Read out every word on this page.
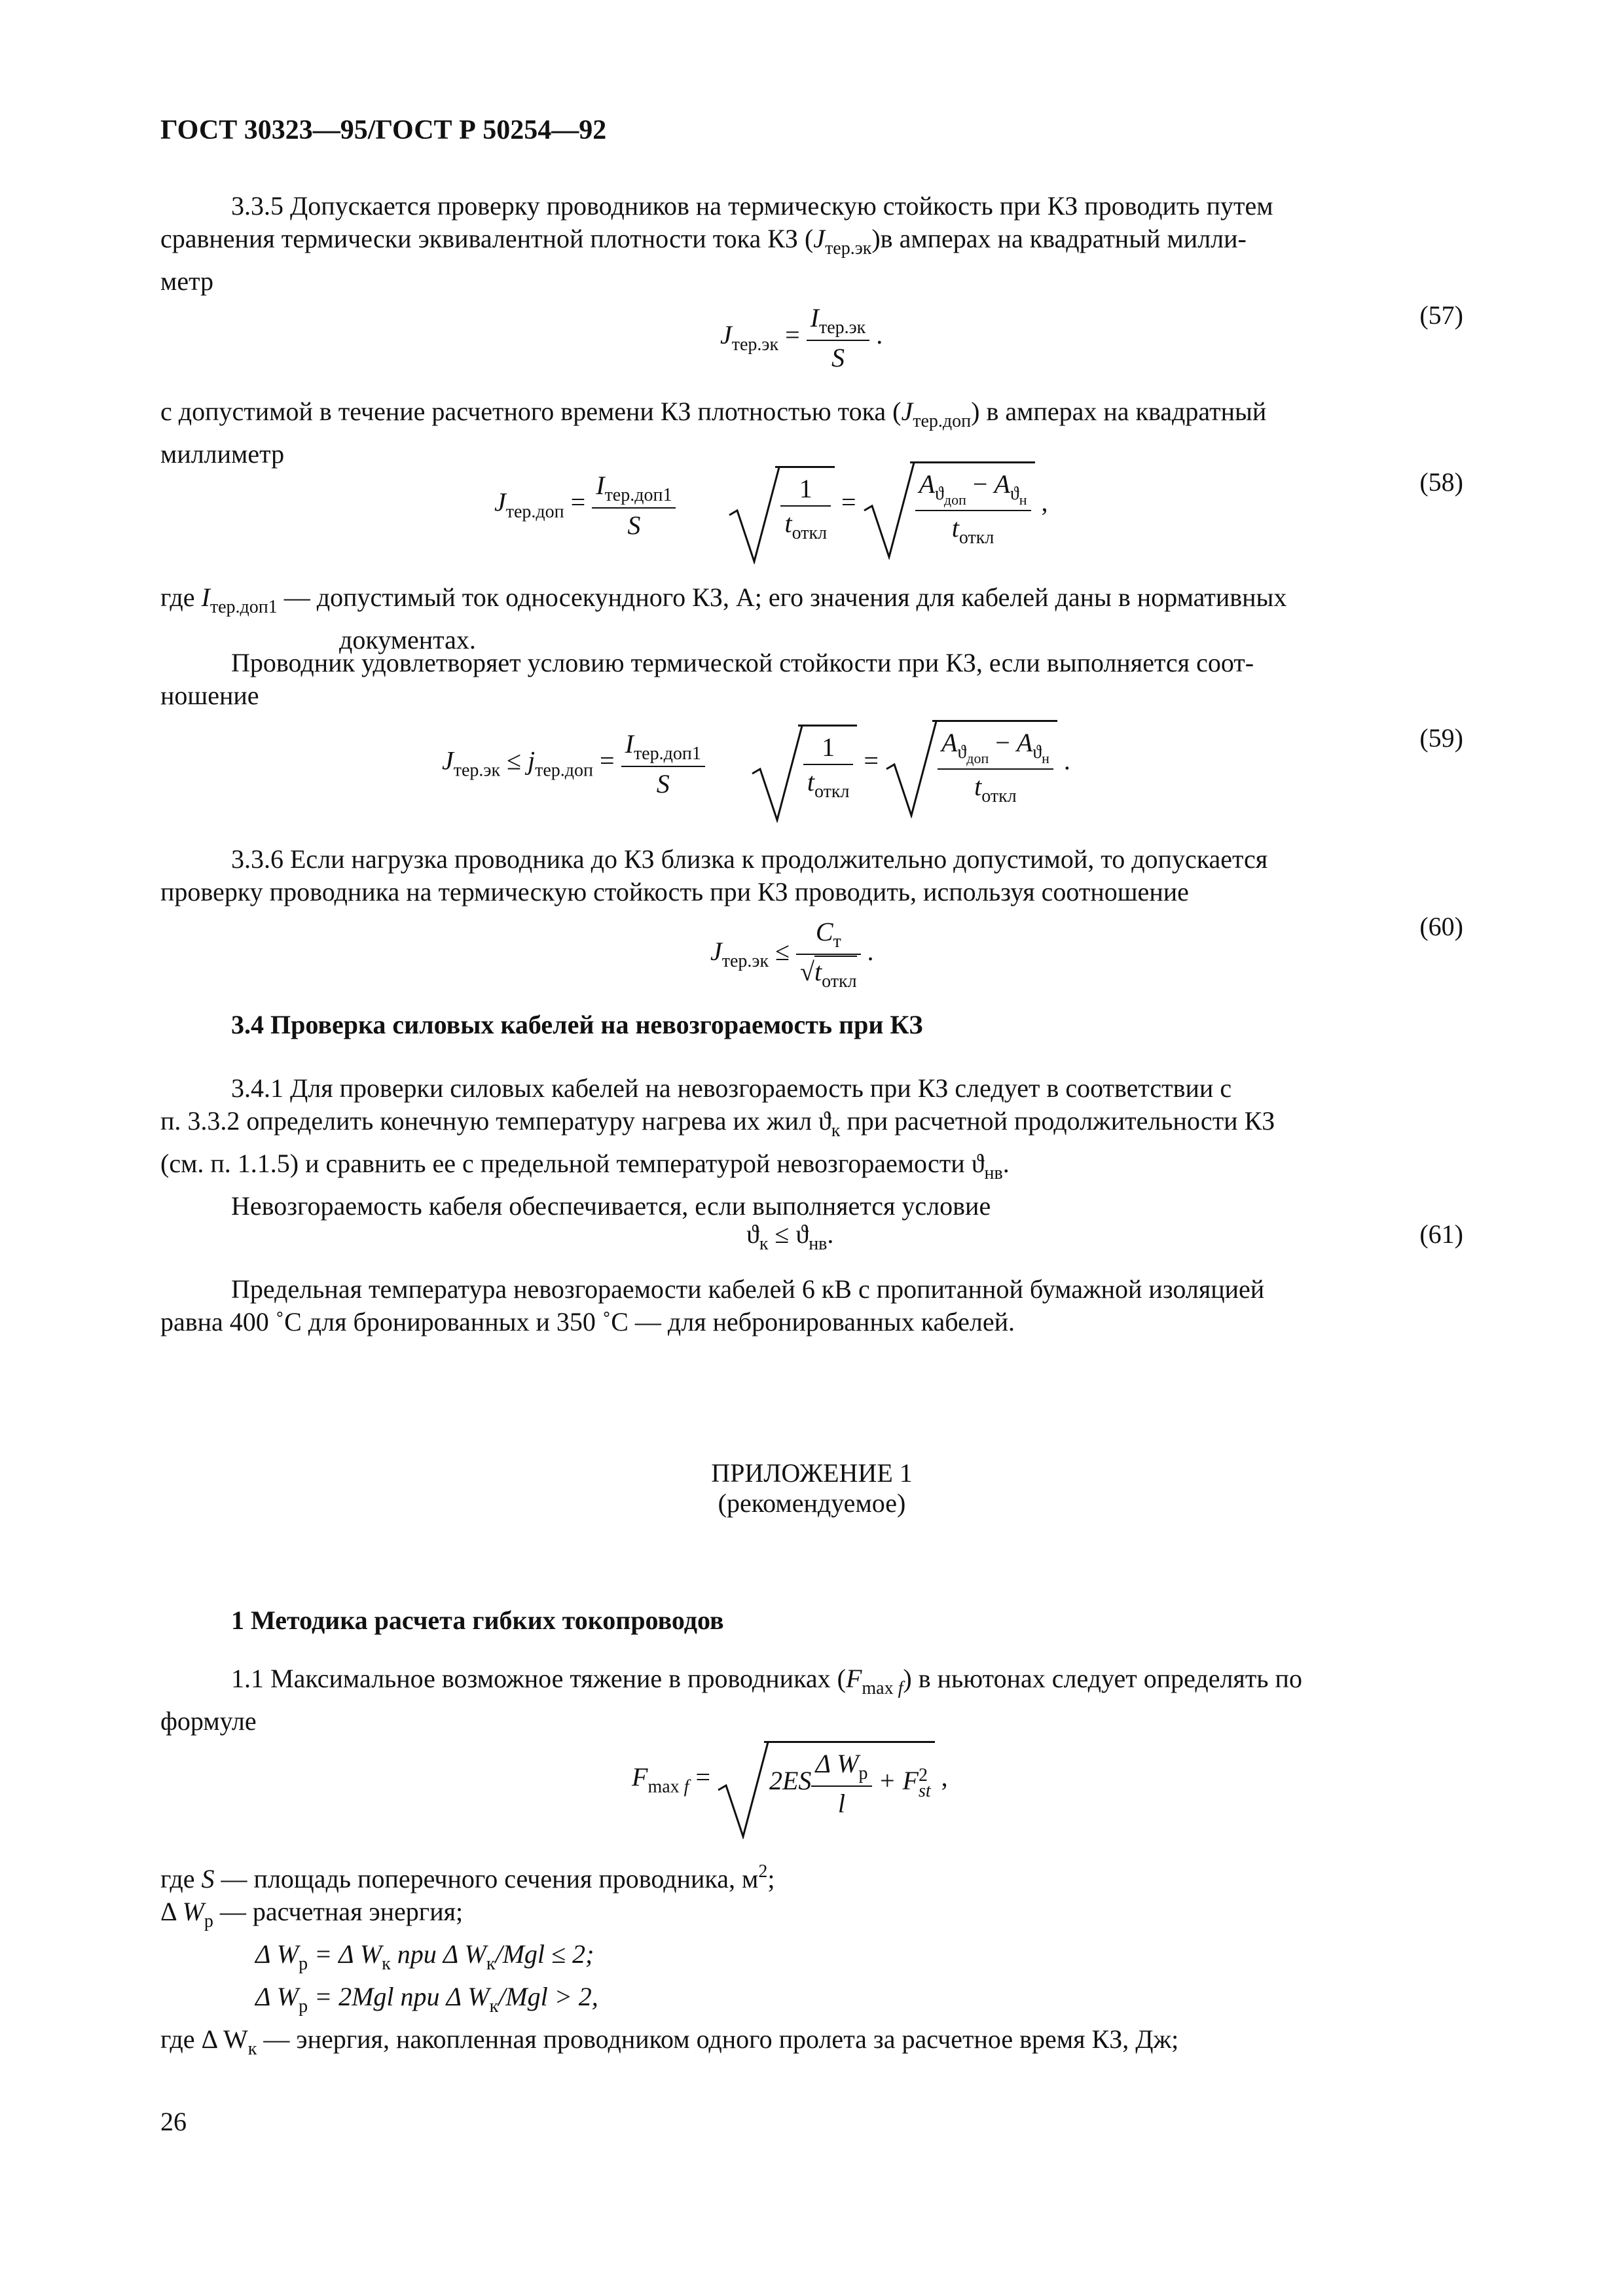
ГОСТ 30323—95/ГОСТ Р 50254—92
3.3.5 Допускается проверку проводников на термическую стойкость при КЗ проводить путем
сравнения термически эквивалентной плотности тока КЗ $(J_{тер.эк})в$ амперах на квадратный милли-
метр
$J_{тер.эк} = \frac{I_{тер.эк}}{S}$ .
(57)
с допустимой в течение расчетного времени КЗ плотностью тока $(J_{тер.доп})$ в амперах на квадратный
миллиметр
$J_{тер.доп} = \frac{I_{тер.доп1}}{S}$
	$\frac{1}{t_{откл}} = \frac{A_{ϑ_{доп}} - A_{ϑ_н}}{t_{откл}}$ ,
(58)
где $I_{тер.доп1}$ — допустимый ток односекундного КЗ, А; его значения для кабелей даны в нормативных
документах.
Проводник удовлетворяет условию термической стойкости при КЗ, если выполняется соот-
ношение
$J_{тер.эк} \le j_{тер.доп} = \frac{I_{тер.доп1}}{S}$
	$\frac{1}{t_{откл}} = \frac{A_{ϑ_{доп}} - A_{ϑ_н}}{t_{откл}}$ .
(59)
3.3.6 Если нагрузка проводника до КЗ близка к продолжительно допустимой, то допускается
проверку проводника на термическую стойкость при КЗ проводить, используя соотношение
$J_{тер.эк} \le \frac{C_т}{√t_{откл}}$ .
(60)
3.4 Проверка силовых кабелей на невозгораемость при КЗ
3.4.1 Для проверки силовых кабелей на невозгораемость при КЗ следует в соответствии с
п. 3.3.2 определить конечную температуру нагрева их жил $ϑ_к$ при расчетной продолжительности КЗ
(см. п. 1.1.5) и сравнить ее с предельной температурой невозгораемости $ϑ_{нв}$.
Невозгораемость кабеля обеспечивается, если выполняется условие
$ϑ_к \le ϑ_{нв}$.	(61)
Предельная температура невозгораемости кабелей 6 кВ с пропитанной бумажной изоляцией
равна 400 ˚С для бронированных и 350 ˚С — для небронированных кабелей.
ПРИЛОЖЕНИЕ 1
(рекомендуемое)
1 Методика расчета гибких токопроводов
1.1 Максимальное возможное тяжение в проводниках $(F_{max f})$ в ньютонах следует определять по
формуле
$F_{max f}$ =
$2ES \frac{\Delta W_р}{l} + F$ 2
st ,
где S — площадь поперечного сечения проводника, $м^2$;
Δ $W_р$ — расчетная энергия;
Δ $W_р = \Delta$ $W_к$ при Δ $W_к$/Mgl ≤ 2;
Δ $W_р = 2Mgl$ при Δ $W_к$/Mgl > 2,
где Δ $W_к$ — энергия, накопленная проводником одного пролета за расчетное время КЗ, Дж;
26
